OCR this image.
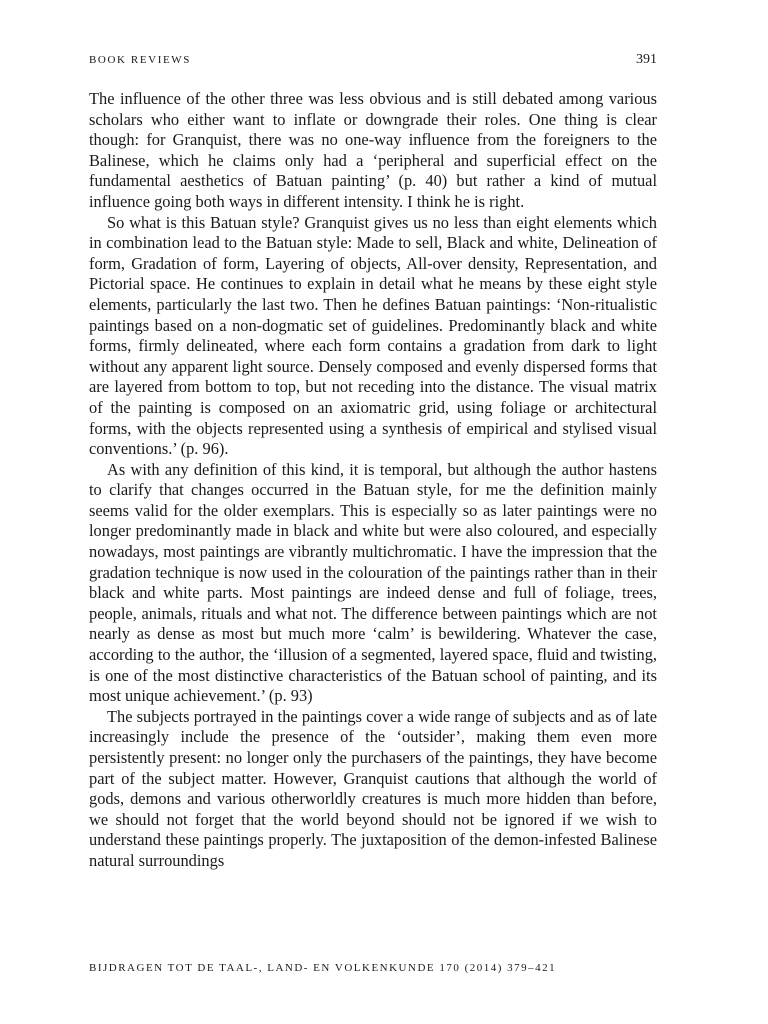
BOOK REVIEWS	391

The influence of the other three was less obvious and is still debated among various scholars who either want to inflate or downgrade their roles. One thing is clear though: for Granquist, there was no one-way influence from the foreigners to the Balinese, which he claims only had a ‘peripheral and superficial effect on the fundamental aesthetics of Batuan painting’ (p. 40) but rather a kind of mutual influence going both ways in different intensity. I think he is right.

So what is this Batuan style? Granquist gives us no less than eight elements which in combination lead to the Batuan style: Made to sell, Black and white, Delineation of form, Gradation of form, Layering of objects, All-over density, Representation, and Pictorial space. He continues to explain in detail what he means by these eight style elements, particularly the last two. Then he defines Batuan paintings: ‘Non-ritualistic paintings based on a non-dogmatic set of guidelines. Predominantly black and white forms, firmly delineated, where each form contains a gradation from dark to light without any apparent light source. Densely composed and evenly dispersed forms that are layered from bottom to top, but not receding into the distance. The visual matrix of the painting is composed on an axiomatric grid, using foliage or architectural forms, with the objects represented using a synthesis of empirical and stylised visual conventions.’ (p. 96).

As with any definition of this kind, it is temporal, but although the author hastens to clarify that changes occurred in the Batuan style, for me the definition mainly seems valid for the older exemplars. This is especially so as later paintings were no longer predominantly made in black and white but were also coloured, and especially nowadays, most paintings are vibrantly multichromatic. I have the impression that the gradation technique is now used in the colouration of the paintings rather than in their black and white parts. Most paintings are indeed dense and full of foliage, trees, people, animals, rituals and what not. The difference between paintings which are not nearly as dense as most but much more ‘calm’ is bewildering. Whatever the case, according to the author, the ‘illusion of a segmented, layered space, fluid and twisting, is one of the most distinctive characteristics of the Batuan school of painting, and its most unique achievement.’ (p. 93)

The subjects portrayed in the paintings cover a wide range of subjects and as of late increasingly include the presence of the ‘outsider’, making them even more persistently present: no longer only the purchasers of the paintings, they have become part of the subject matter. However, Granquist cautions that although the world of gods, demons and various otherworldly creatures is much more hidden than before, we should not forget that the world beyond should not be ignored if we wish to understand these paintings properly. The juxtaposition of the demon-infested Balinese natural surroundings

BIJDRAGEN TOT DE TAAL-, LAND- EN VOLKENKUNDE 170 (2014) 379–421
